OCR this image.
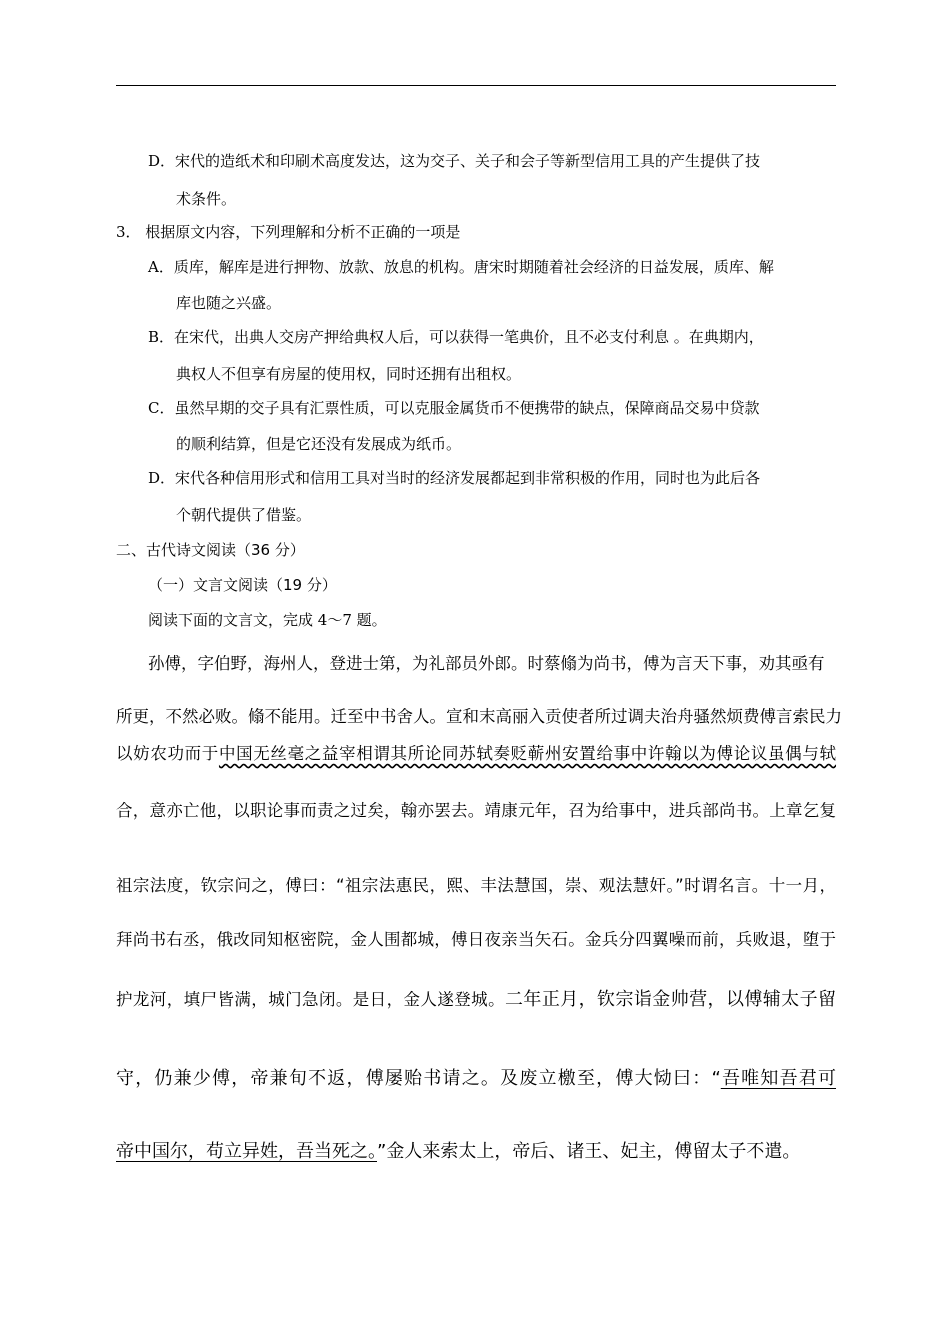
D．宋代的造纸术和印刷术高度发达，这为交子、关子和会子等新型信用工具的产生提供了技
术条件。
3． 根据原文内容，下列理解和分析不正确的一项是
A．质库，解库是进行押物、放款、放息的机构。唐宋时期随着社会经济的日益发展，质库、解
库也随之兴盛。
B．在宋代，出典人交房产押给典权人后，可以获得一笔典价，且不必支付利息 。在典期内，
典权人不但享有房屋的使用权，同时还拥有出租权。
C．虽然早期的交子具有汇票性质，可以克服金属货币不便携带的缺点，保障商品交易中贷款
的顺利结算，但是它还没有发展成为纸币。
D．宋代各种信用形式和信用工具对当时的经济发展都起到非常积极的作用，同时也为此后各
个朝代提供了借鉴。
二、古代诗文阅读（36 分）
（一）文言文阅读（19 分）
阅读下面的文言文，完成 4～7 题。
孙傅，字伯野，海州人，登进士第，为礼部员外郎。时蔡翛为尚书，傅为言天下事，劝其亟有
所更，不然必败。翛不能用。迁至中书舍人。宣和末高丽入贡使者所过调夫治舟骚然烦费傅言索民力
以妨农功而于中国无丝毫之益宰相谓其所论同苏轼奏贬蕲州安置给事中许翰以为傅论议虽偶与轼
合，意亦亡他，以职论事而责之过矣，翰亦罢去。靖康元年，召为给事中，进兵部尚书。上章乞复
祖宗法度，钦宗问之，傅曰：“祖宗法惠民，熙、丰法慧国，崇、观法慧奸。”时谓名言。十一月，
拜尚书右丞，俄改同知枢密院，金人围都城，傅日夜亲当矢石。金兵分四翼噪而前，兵败退，堕于
护龙河，填尸皆满，城门急闭。是日，金人遂登城。二年正月，钦宗诣金帅营，以傅辅太子留
守，仍兼少傅，帝兼旬不返，傅屡贻书请之。及废立檄至，傅大恸曰：“吾唯知吾君可
帝中国尔，苟立异姓，吾当死之。”金人来索太上，帝后、诸王、妃主，傅留太子不遣。
